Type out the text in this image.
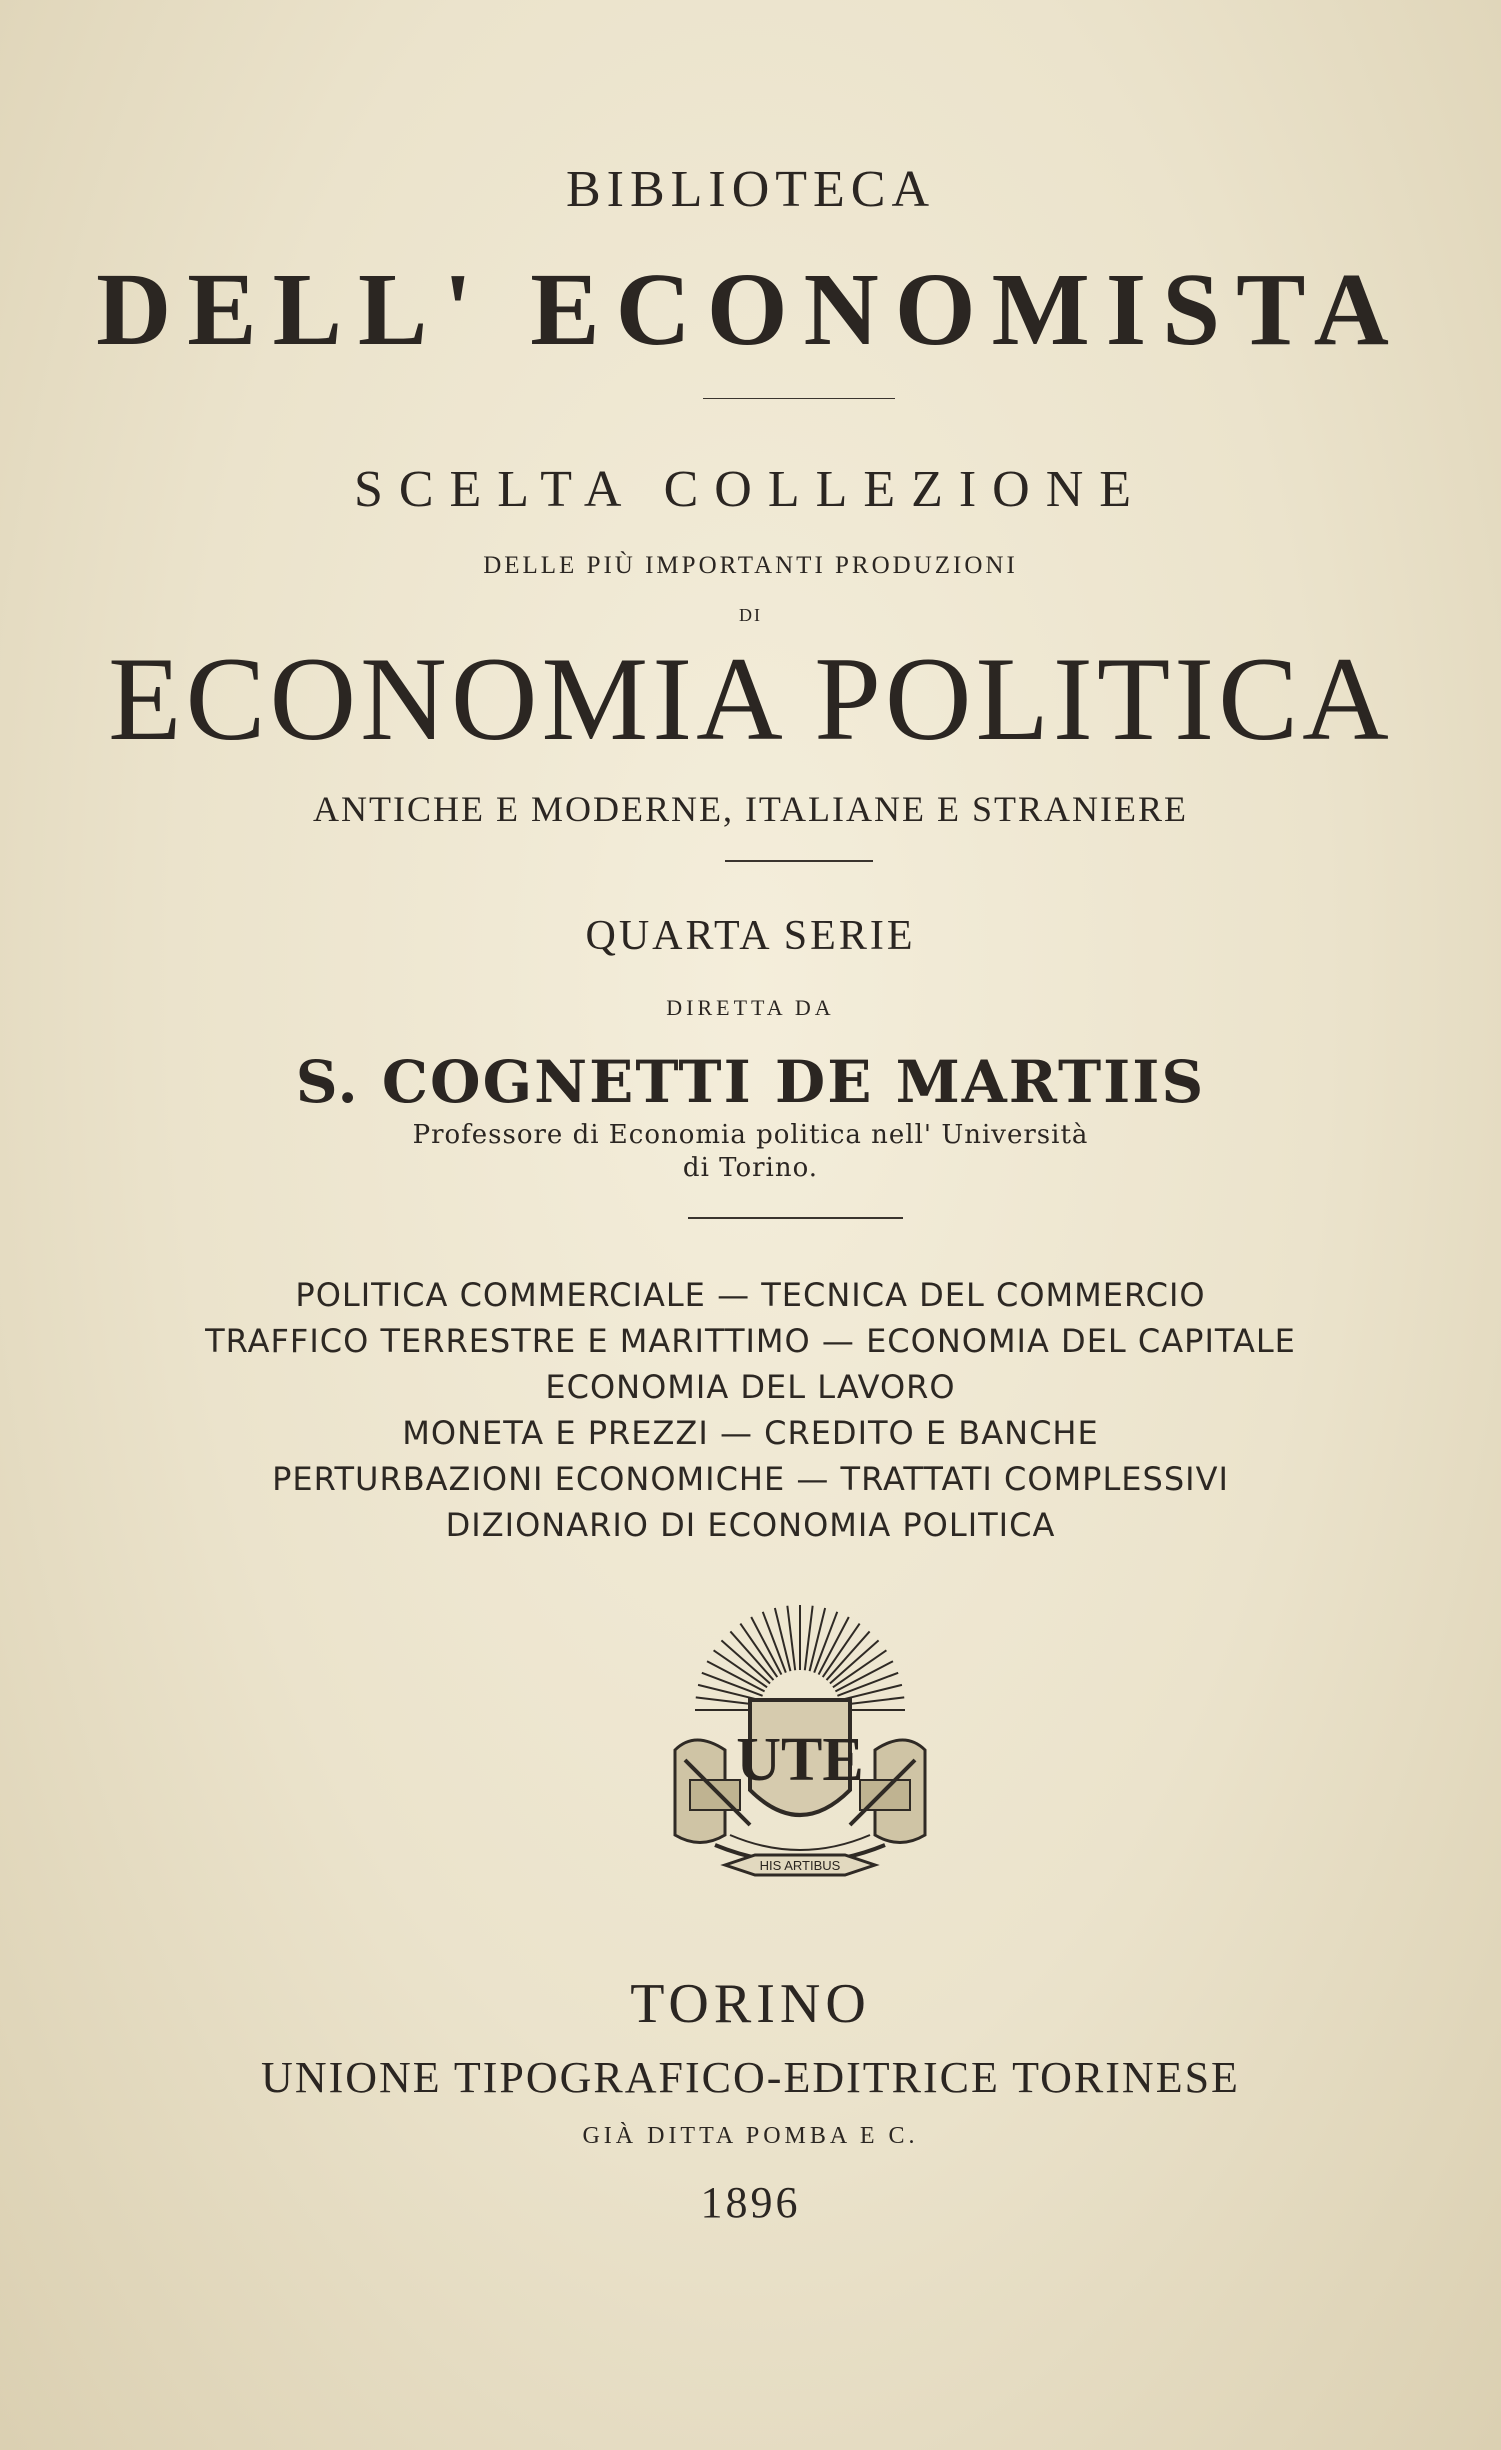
BIBLIOTECA
DELL' ECONOMISTA
SCELTA COLLEZIONE
DELLE PIÙ IMPORTANTI PRODUZIONI
DI
ECONOMIA POLITICA
ANTICHE E MODERNE, ITALIANE E STRANIERE
QUARTA SERIE
DIRETTA DA
S. COGNETTI DE MARTIIS
Professore di Economia politica nell' Università
di Torino.
POLITICA COMMERCIALE — TECNICA DEL COMMERCIO
TRAFFICO TERRESTRE E MARITTIMO — ECONOMIA DEL CAPITALE
ECONOMIA DEL LAVORO
MONETA E PREZZI — CREDITO E BANCHE
PERTURBAZIONI ECONOMICHE — TRATTATI COMPLESSIVI
DIZIONARIO DI ECONOMIA POLITICA
UTE
HIS ARTIBUS
TORINO
UNIONE TIPOGRAFICO-EDITRICE TORINESE
GIÀ DITTA POMBA E C.
1896
